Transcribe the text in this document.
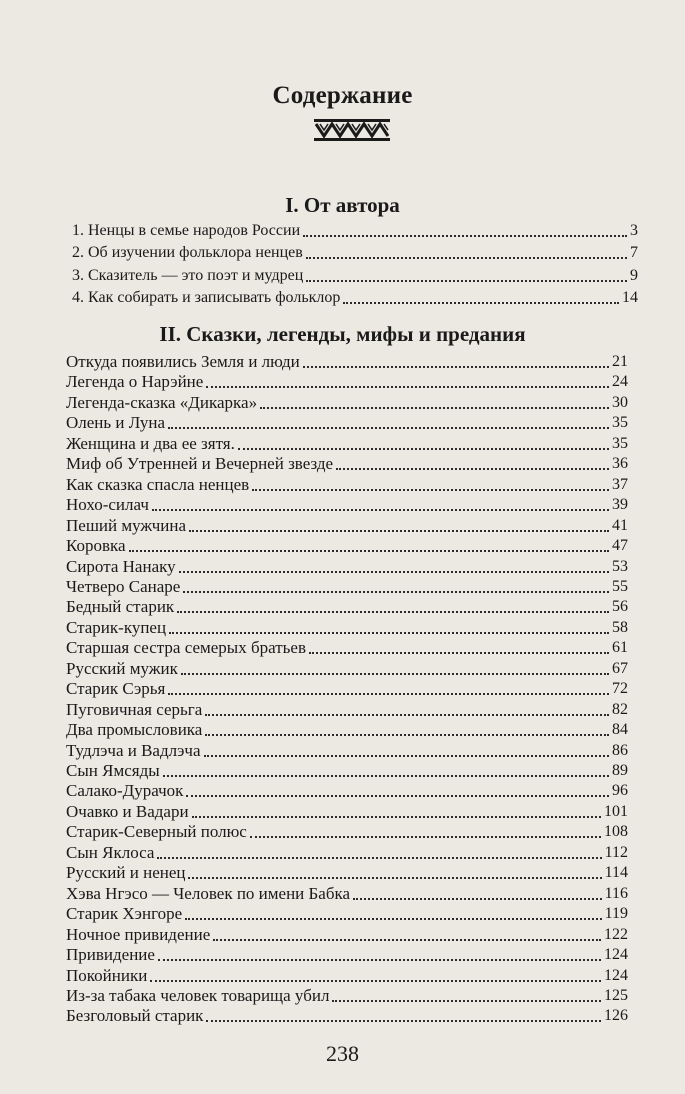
Содержание
I. От автора
1. Ненцы в семье народов России	3
2. Об изучении фольклора ненцев	7
3. Сказитель — это поэт и мудрец	9
4. Как собирать и записывать фольклор	14
II. Сказки, легенды, мифы и предания
Откуда появились Земля и люди	21
Легенда о Нарэйне	24
Легенда-сказка «Дикарка»	30
Олень и Луна	35
Женщина и два ее зятя.	35
Миф об Утренней и Вечерней звезде	36
Как сказка спасла ненцев	37
Нохо-силач	39
Пеший мужчина	41
Коровка	47
Сирота Нанаку	53
Четверо Санаре	55
Бедный старик	56
Старик-купец	58
Старшая сестра семерых братьев	61
Русский мужик	67
Старик Сэрья	72
Пуговичная серьга	82
Два промысловика	84
Тудлэча и Вадлэча	86
Сын Ямсяды	89
Салако-Дурачок	96
Очавко и Вадари	101
Старик-Северный полюс	108
Сын Яклоса	112
Русский и ненец	114
Хэва Нгэсо — Человек по имени Бабка	116
Старик Хэнгоре	119
Ночное привидение	122
Привидение	124
Покойники	124
Из-за табака человек товарища убил	125
Безголовый старик	126
238
